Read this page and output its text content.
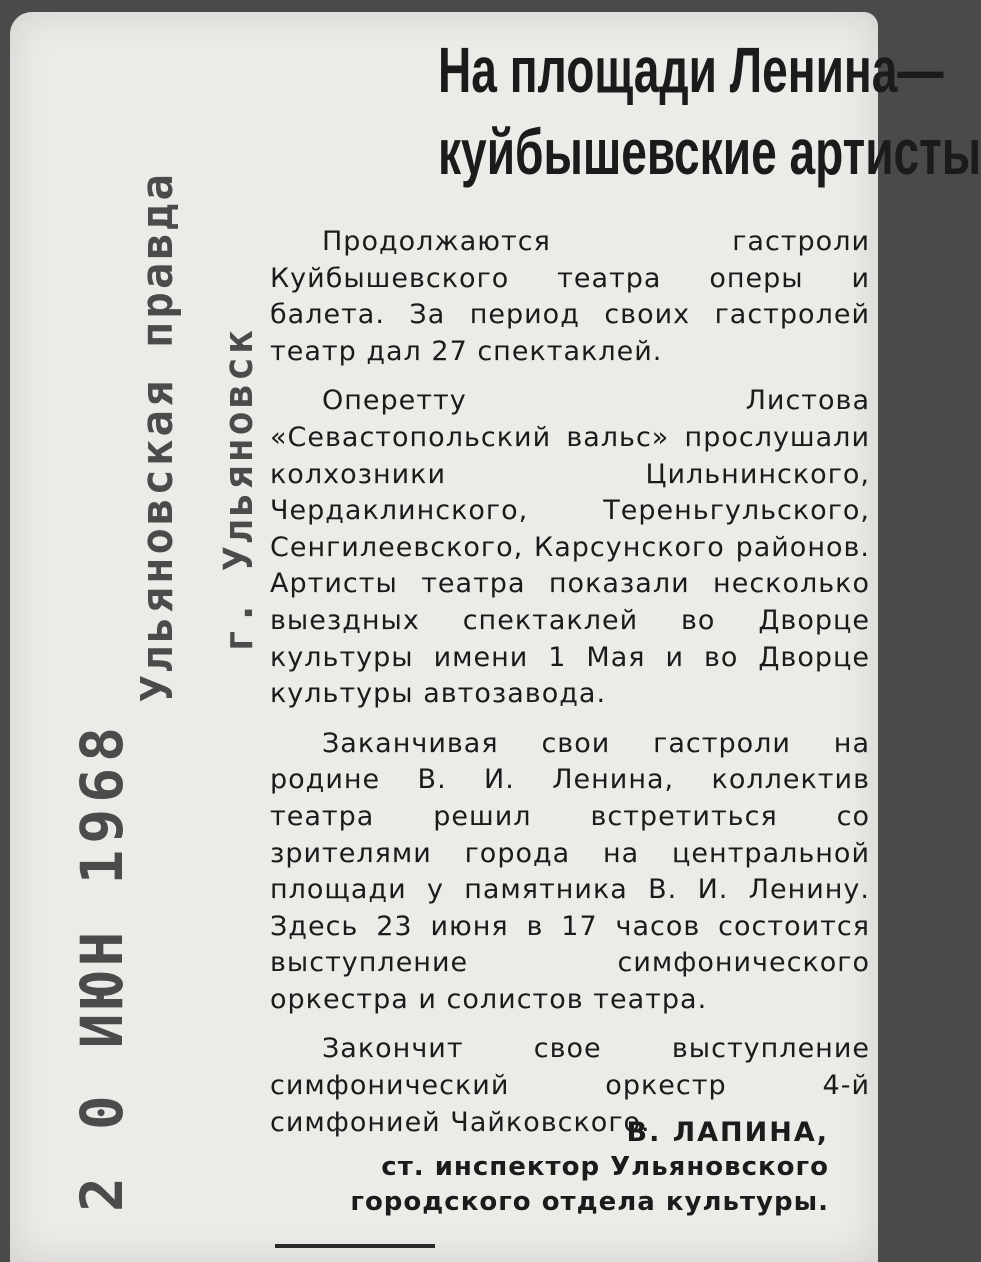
2 0 ИЮН 1968
Ульяновская правда г. Ульяновск
На площади Ленина—
куйбышевские артисты

Продолжаются гастроли Куйбышевского театра оперы и балета. За период своих гастролей театр дал 27 спектаклей.

Оперетту Листова «Севастопольский вальс» прослушали колхозники Цильнинского, Чердаклинского, Тереньгульского, Сенгилеевского, Карсунского районов. Артисты театра показали несколько выездных спектаклей во Дворце культуры имени 1 Мая и во Дворце культуры автозавода.

Заканчивая свои гастроли на родине В. И. Ленина, коллектив театра решил встретиться со зрителями города на центральной площади у памятника В. И. Ленину. Здесь 23 июня в 17 часов состоится выступление симфонического оркестра и солистов театра.

Закончит свое выступление симфонический оркестр 4-й симфонией Чайковского.

В. ЛАПИНА,
ст. инспектор Ульяновского
городского отдела культуры.
